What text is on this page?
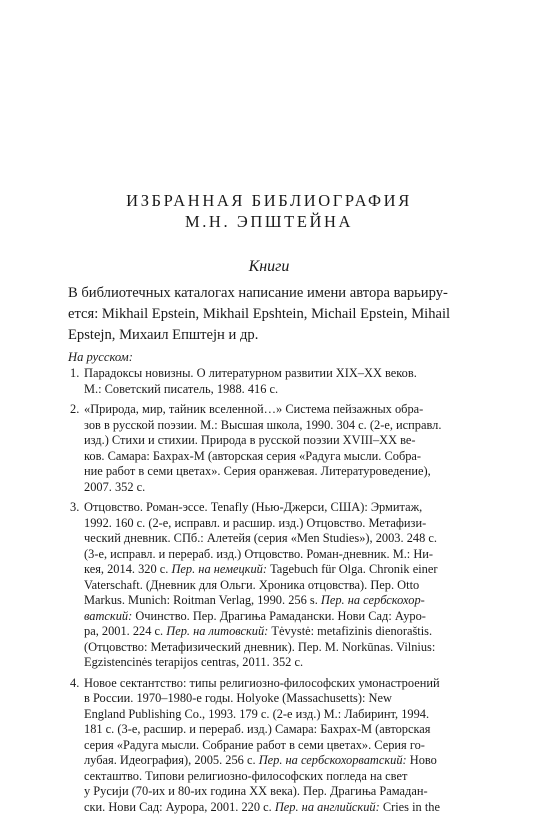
ИЗБРАННАЯ БИБЛИОГРАФИЯ
М.Н. ЭПШТЕЙНА
Книги
В библиотечных каталогах написание имени автора варьиру-
ется: Mikhail Epstein, Mikhail Epshtein, Michail Epstein, Mihail
Epstejn, Михаил Епштејн и др.
На русском:
1. Парадоксы новизны. О литературном развитии XIX–XX веков.
М.: Советский писатель, 1988. 416 с.
2. «Природа, мир, тайник вселенной…» Система пейзажных обра-
зов в русской поэзии. М.: Высшая школа, 1990. 304 с. (2-е, исправл.
изд.) Стихи и стихии. Природа в русской поэзии XVIII–XX ве-
ков. Самара: Бахрах-М (авторская серия «Радуга мысли. Собра-
ние работ в семи цветах». Серия оранжевая. Литературоведение),
2007. 352 с.
3. Отцовство. Роман-эссе. Tenafly (Нью-Джерси, США): Эрмитаж,
1992. 160 с. (2-е, исправл. и расшир. изд.) Отцовство. Метафизи-
ческий дневник. СПб.: Алетейя (серия «Men Studies»), 2003. 248 с.
(3-е, исправл. и перераб. изд.) Отцовство. Роман-дневник. М.: Ни-
кея, 2014. 320 с. Пер. на немецкий: Tagebuch für Olga. Chronik einer
Vaterschaft. (Дневник для Ольги. Хроника отцовства). Пер. Otto
Markus. Munich: Roitman Verlag, 1990. 256 s. Пер. на сербскохор-
ватский: Очинство. Пер. Драгиња Рамадански. Нови Сад: Ауро-
ра, 2001. 224 с. Пер. на литовский: Tėvystė: metafizinis dienoraštis.
(Отцовство: Метафизический дневник). Пер. M. Norkūnas. Vilnius:
Egzistencinės terapijos centras, 2011. 352 с.
4. Новое сектантство: типы религиозно-философских умонастроений
в России. 1970–1980-е годы. Holyoke (Massachusetts): New
England Publishing Co., 1993. 179 с. (2-е изд.) М.: Лабиринт, 1994.
181 с. (3-е, расшир. и перераб. изд.) Самара: Бахрах-М (авторская
серия «Радуга мысли. Собрание работ в семи цветах». Серия го-
лубая. Идеография), 2005. 256 с. Пер. на сербскохорватский: Ново
секташтво. Типови религиозно-философских погледа на свет
у Русији (70-их и 80-их година XX века). Пер. Драгиња Рамадан-
ски. Нови Сад: Аурора, 2001. 220 с. Пер. на английский: Cries in the
